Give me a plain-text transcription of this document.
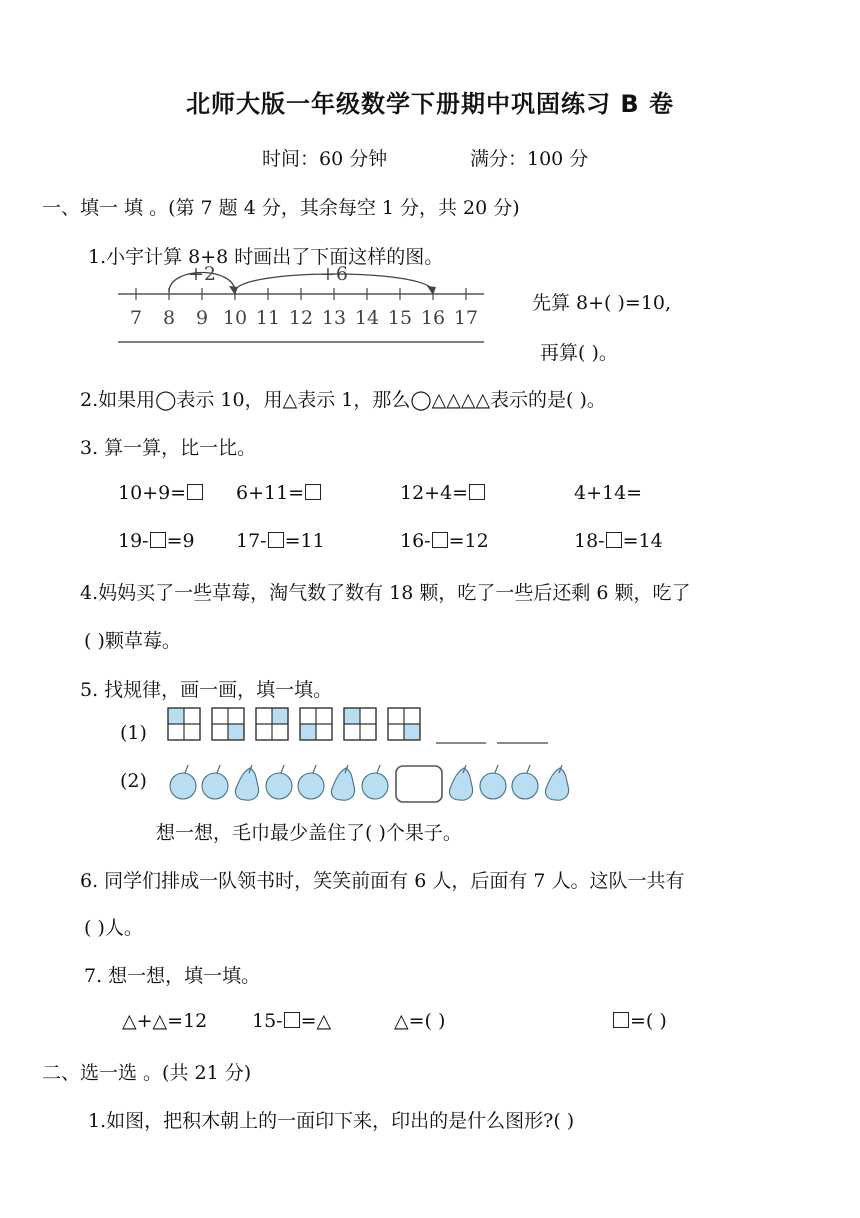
北师大版一年级数学下册期中巩固练习 B 卷
时间：60 分钟	满分：100 分
一、填一 填 。(第 7 题 4 分，其余每空 1 分，共 20 分)
1.小宇计算 8+8 时画出了下面这样的图。
7 8 9 10 11 12 13 14 15 16 17
+2	+6
先算 8+( )=10,
再算( )。
2.如果用◯表示 10，用△表示 1，那么◯△△△△表示的是( )。
3. 算一算，比一比。
10+9=	6+11=	12+4=	4+14=
19- =9 17- =11	16- =12	18- =14
4.妈妈买了一些草莓，淘气数了数有 18 颗，吃了一些后还剩 6 颗，吃了
( )颗草莓。
5. 找规律，画一画，填一填。
(1)
(2)
想一想，毛巾最少盖住了( )个果子。
6. 同学们排成一队领书时，笑笑前面有 6 人，后面有 7 人。这队一共有
( )人。
7. 想一想，填一填。
△+△=12 15- =△	△=( )	=( )
二、选一选 。(共 21 分)
1.如图，把积木朝上的一面印下来，印出的是什么图形?( )
